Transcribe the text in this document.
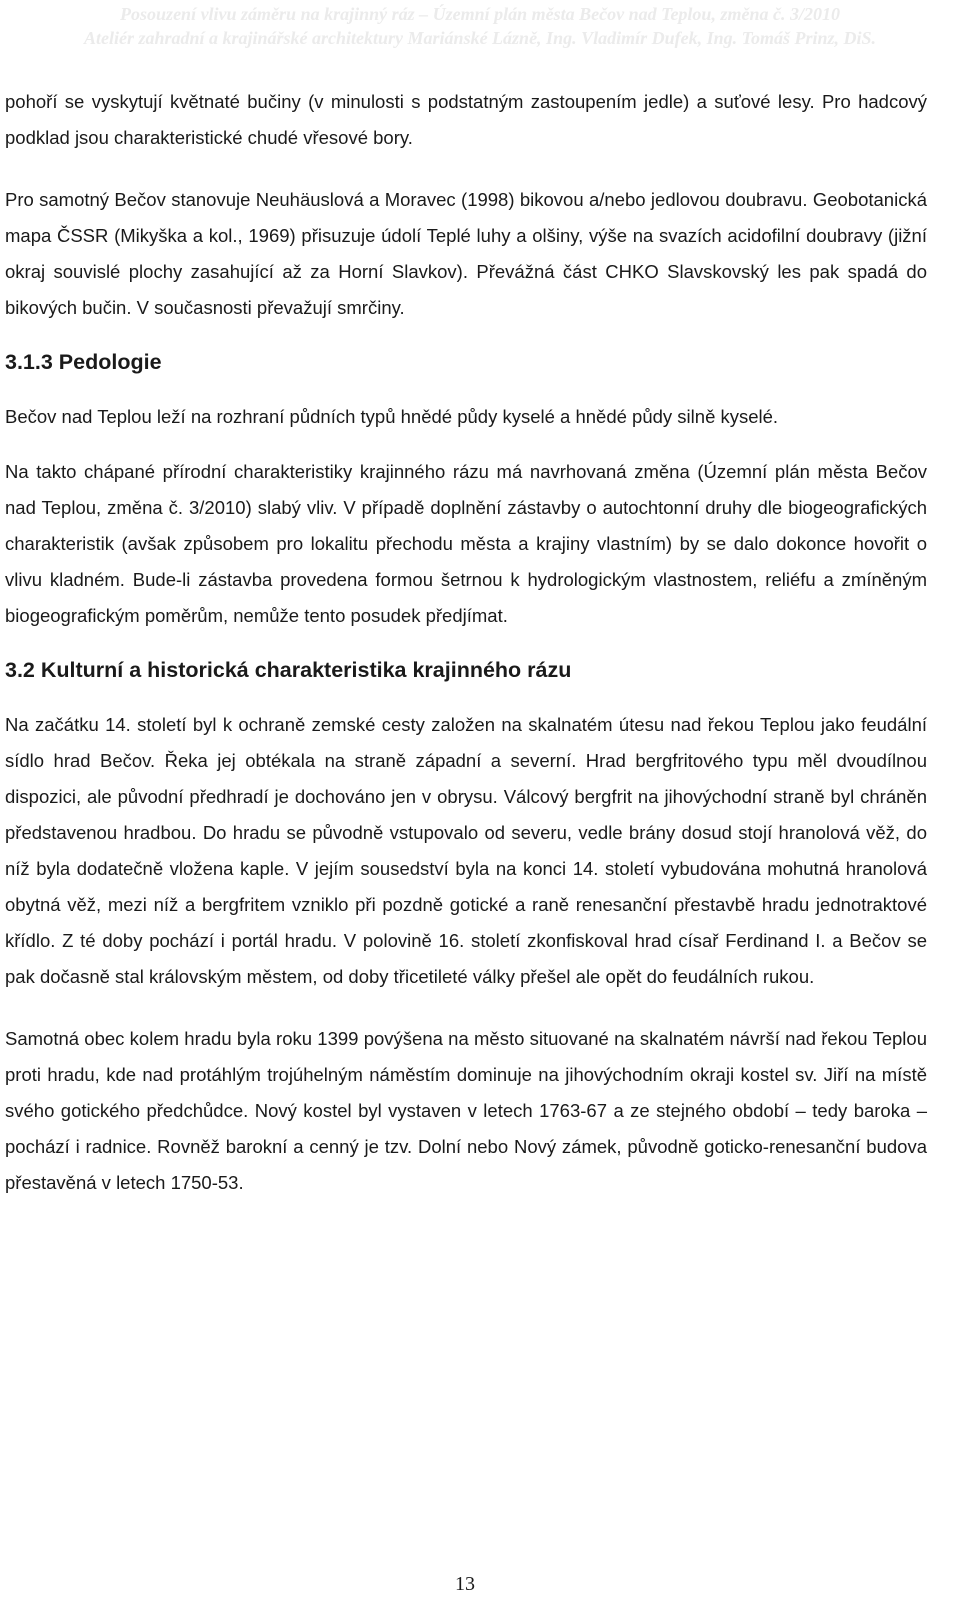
Posouzení vlivu záměru na krajinný ráz – Územní plán města Bečov nad Teplou, změna č. 3/2010
Ateliér zahradní a krajinářské architektury Mariánské Lázně, Ing. Vladimír Dufek, Ing. Tomáš Prinz, DiS.

pohoří se vyskytují květnaté bučiny (v minulosti s podstatným zastoupením jedle) a suťové lesy. Pro hadcový podklad jsou charakteristické chudé vřesové bory.

Pro samotný Bečov stanovuje Neuhäuslová a Moravec (1998) bikovou a/nebo jedlovou doubravu. Geobotanická mapa ČSSR (Mikyška a kol., 1969) přisuzuje údolí Teplé luhy a olšiny, výše na svazích acidofilní doubravy (jižní okraj souvislé plochy zasahující až za Horní Slavkov). Převážná část CHKO Slavskovský les pak spadá do bikových bučin. V současnosti převažují smrčiny.

3.1.3 Pedologie

Bečov nad Teplou leží na rozhraní půdních typů hnědé půdy kyselé a hnědé půdy silně kyselé.

Na takto chápané přírodní charakteristiky krajinného rázu má navrhovaná změna (Územní plán města Bečov nad Teplou, změna č. 3/2010) slabý vliv. V případě doplnění zástavby o autochtonní druhy dle biogeografických charakteristik (avšak způsobem pro lokalitu přechodu města a krajiny vlastním) by se dalo dokonce hovořit o vlivu kladném. Bude-li zástavba provedena formou šetrnou k hydrologickým vlastnostem, reliéfu a zmíněným biogeografickým poměrům, nemůže tento posudek předjímat.

3.2 Kulturní a historická charakteristika krajinného rázu

Na začátku 14. století byl k ochraně zemské cesty založen na skalnatém útesu nad řekou Teplou jako feudální sídlo hrad Bečov. Řeka jej obtékala na straně západní a severní. Hrad bergfritového typu měl dvoudílnou dispozici, ale původní předhradí je dochováno jen v obrysu. Válcový bergfrit na jihovýchodní straně byl chráněn představenou hradbou. Do hradu se původně vstupovalo od severu, vedle brány dosud stojí hranolová věž, do níž byla dodatečně vložena kaple. V jejím sousedství byla na konci 14. století vybudována mohutná hranolová obytná věž, mezi níž a bergfritem vzniklo při pozdně gotické a raně renesanční přestavbě hradu jednotraktové křídlo. Z té doby pochází i portál hradu. V polovině 16. století zkonfiskoval hrad císař Ferdinand I. a Bečov se pak dočasně stal královským městem, od doby třicetileté války přešel ale opět do feudálních rukou.

Samotná obec kolem hradu byla roku 1399 povýšena na město situované na skalnatém návrší nad řekou Teplou proti hradu, kde nad protáhlým trojúhelným náměstím dominuje na jihovýchodním okraji kostel sv. Jiří na místě svého gotického předchůdce. Nový kostel byl vystaven v letech 1763-67 a ze stejného období – tedy baroka – pochází i radnice. Rovněž barokní a cenný je tzv. Dolní nebo Nový zámek, původně goticko-renesanční budova přestavěná v letech 1750-53.

13
